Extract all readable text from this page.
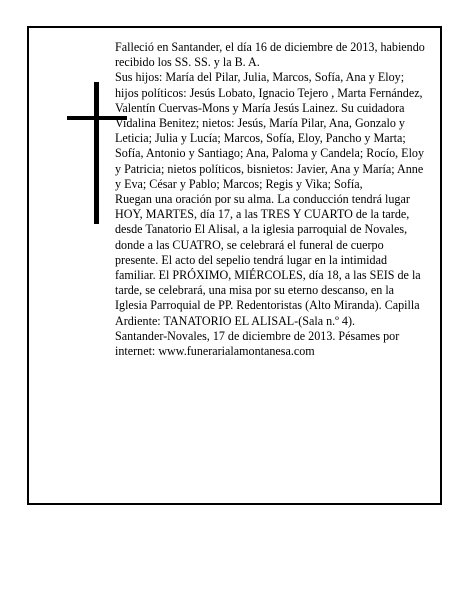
Falleció en Santander, el día 16 de diciembre de 2013, habiendo recibido los SS. SS. y la B. A.

Sus hijos: María del Pilar, Julia, Marcos, Sofía, Ana y Eloy; hijos políticos: Jesús Lobato, Ignacio Tejero , Marta Fernández, Valentín Cuervas-Mons y María Jesús Lainez. Su cuidadora Vidalina Benitez; nietos: Jesús, María Pilar, Ana, Gonzalo y Leticia; Julia y Lucía; Marcos, Sofía, Eloy, Pancho y Marta; Sofía, Antonio y Santiago; Ana, Paloma y Candela; Rocío, Eloy y Patricia; nietos políticos, bisnietos: Javier, Ana y María; Anne y Eva; César y Pablo; Marcos; Regis y Vika; Sofía,

Ruegan una oración por su alma. La conducción tendrá lugar HOY, MARTES, día 17, a las TRES Y CUARTO de la tarde, desde Tanatorio El Alisal, a la iglesia parroquial de Novales, donde a las CUATRO, se celebrará el funeral de cuerpo presente. El acto del sepelio tendrá lugar en la intimidad familiar. El PRÓXIMO, MIÉRCOLES, día 18, a las SEIS de la tarde, se celebrará, una misa por su eterno descanso, en la Iglesia Parroquial de PP. Redentoristas (Alto Miranda). Capilla Ardiente: TANATORIO EL ALISAL-(Sala n.º 4).

Santander-Novales, 17 de diciembre de 2013. Pésames por internet: www.funerarialamontanesa.com
